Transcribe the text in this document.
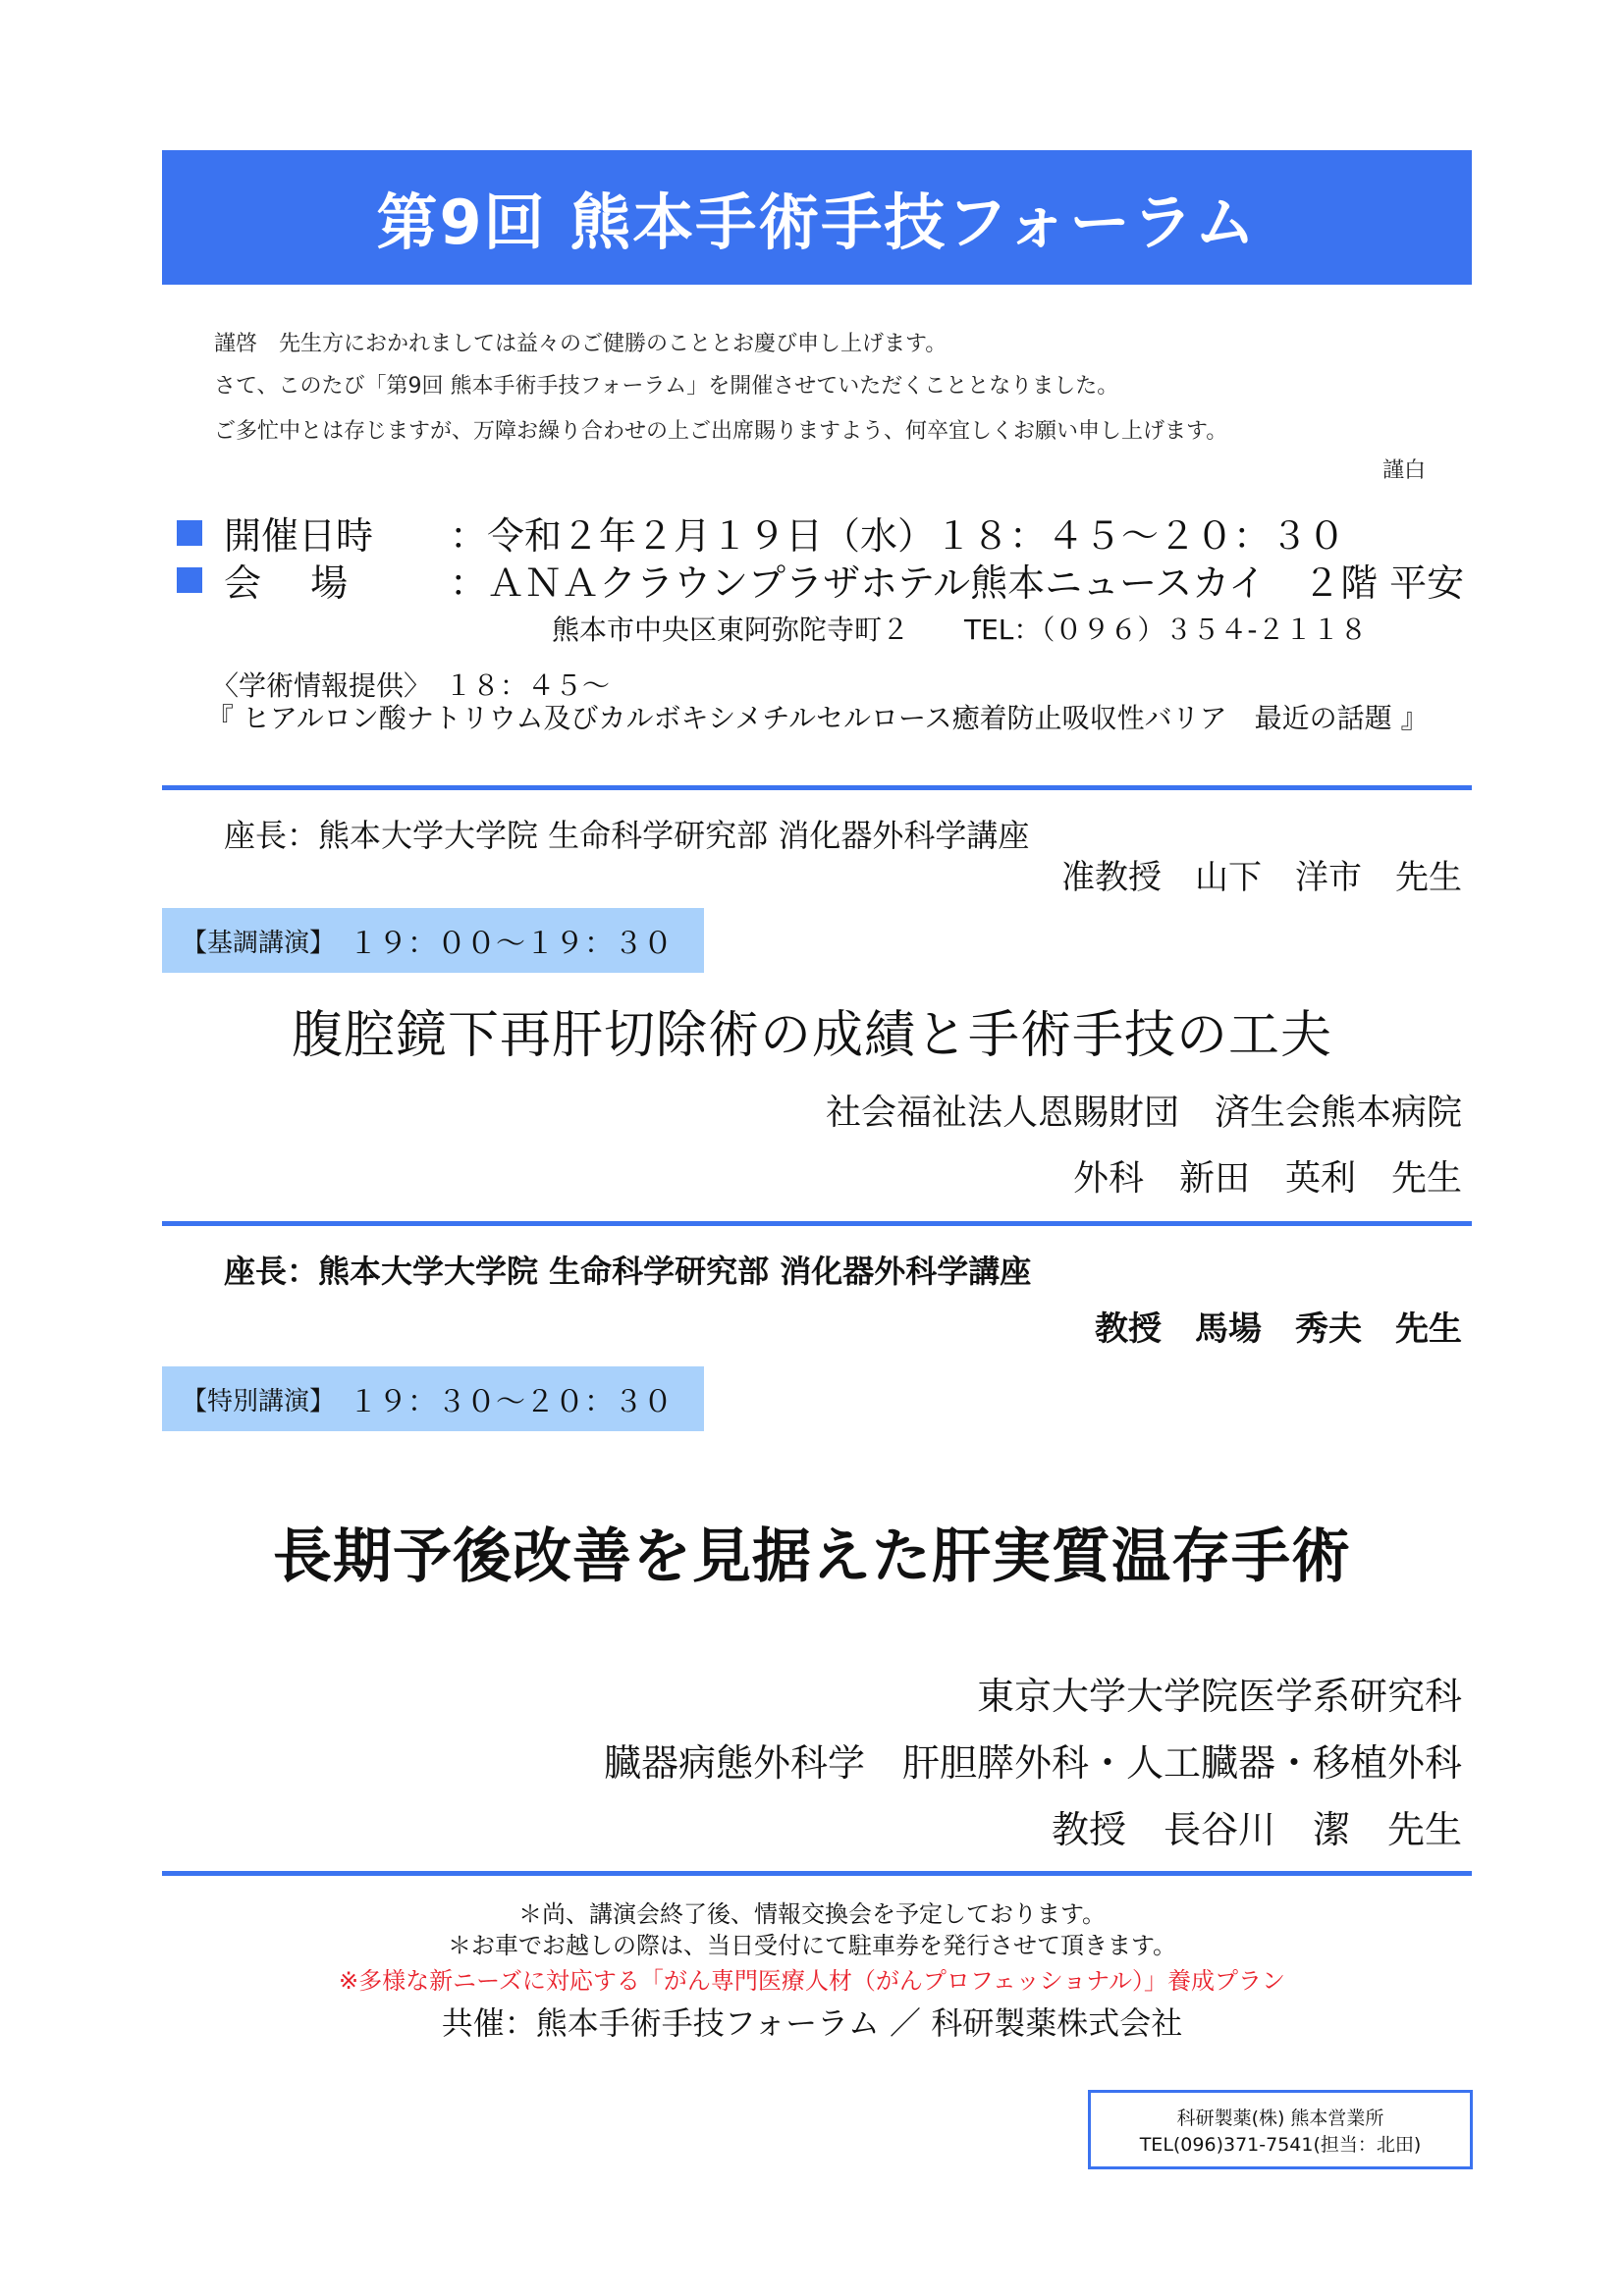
第9回 熊本手術手技フォーラム
謹啓　先生方におかれましては益々のご健勝のこととお慶び申し上げます。
さて、このたび「第9回 熊本手術手技フォーラム」を開催させていただくこととなりました。
ご多忙中とは存じますが、万障お繰り合わせの上ご出席賜りますよう、何卒宜しくお願い申し上げます。
謹白
開催日時	：令和２年２月１９日（水）１８：４５～２０：３０
会　 場	：ＡＮＡクラウンプラザホテル熊本ニュースカイ　２階 平安
熊本市中央区東阿弥陀寺町２　　TEL：（０９６）３５４-２１１８
〈学術情報提供〉　１８：４５～
『 ヒアルロン酸ナトリウム及びカルボキシメチルセルロース癒着防止吸収性バリア　最近の話題 』
座長：熊本大学大学院 生命科学研究部 消化器外科学講座
准教授　山下　洋市　先生
【基調講演】 １９：００～１９：３０
腹腔鏡下再肝切除術の成績と手術手技の工夫
社会福祉法人恩賜財団　済生会熊本病院
外科　新田　英利　先生
座長：熊本大学大学院 生命科学研究部 消化器外科学講座
教授　馬場　秀夫　先生
【特別講演】 １９：３０～２０：３０
長期予後改善を見据えた肝実質温存手術
東京大学大学院医学系研究科
臓器病態外科学　肝胆膵外科・人工臓器・移植外科
教授　長谷川　潔　先生
＊尚、講演会終了後、情報交換会を予定しております。
＊お車でお越しの際は、当日受付にて駐車券を発行させて頂きます。
※多様な新ニーズに対応する「がん専門医療人材（がんプロフェッショナル）」養成プラン
共催：熊本手術手技フォーラム ／ 科研製薬株式会社
科研製薬(株) 熊本営業所
TEL(096)371-7541(担当：北田)
